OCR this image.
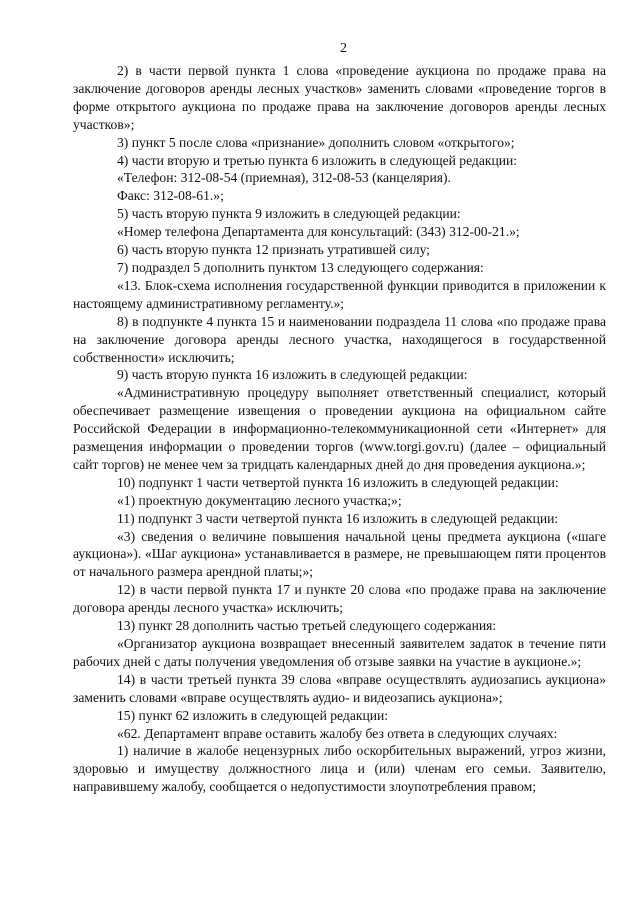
2

2) в части первой пункта 1 слова «проведение аукциона по продаже права на заключение договоров аренды лесных участков» заменить словами «проведение торгов в форме открытого аукциона по продаже права на заключение договоров аренды лесных участков»;

3) пункт 5 после слова «признание» дополнить словом «открытого»;

4) части вторую и третью пункта 6 изложить в следующей редакции:

«Телефон: 312-08-54 (приемная), 312-08-53 (канцелярия).

Факс: 312-08-61.»;

5) часть вторую пункта 9 изложить в следующей редакции:

«Номер телефона Департамента для консультаций: (343) 312-00-21.»;

6) часть вторую пункта 12 признать утратившей силу;

7) подраздел 5 дополнить пунктом 13 следующего содержания:

«13. Блок-схема исполнения государственной функции приводится в приложении к настоящему административному регламенту.»;

8) в подпункте 4 пункта 15 и наименовании подраздела 11 слова «по продаже права на заключение договора аренды лесного участка, находящегося в государственной собственности» исключить;

9) часть вторую пункта 16 изложить в следующей редакции:

«Административную процедуру выполняет ответственный специалист, который обеспечивает размещение извещения о проведении аукциона на официальном сайте Российской Федерации в информационно-телекоммуникационной сети «Интернет» для размещения информации о проведении торгов (www.torgi.gov.ru) (далее – официальный сайт торгов) не менее чем за тридцать календарных дней до дня проведения аукциона.»;

10) подпункт 1 части четвертой пункта 16 изложить в следующей редакции:

«1) проектную документацию лесного участка;»;

11) подпункт 3 части четвертой пункта 16 изложить в следующей редакции:

«3) сведения о величине повышения начальной цены предмета аукциона («шаге аукциона»). «Шаг аукциона» устанавливается в размере, не превышающем пяти процентов от начального размера арендной платы;»;

12) в части первой пункта 17 и пункте 20 слова «по продаже права на заключение договора аренды лесного участка» исключить;

13) пункт 28 дополнить частью третьей следующего содержания:

«Организатор аукциона возвращает внесенный заявителем задаток в течение пяти рабочих дней с даты получения уведомления об отзыве заявки на участие в аукционе.»;

14) в части третьей пункта 39 слова «вправе осуществлять аудиозапись аукциона» заменить словами «вправе осуществлять аудио- и видеозапись аукциона»;

15) пункт 62 изложить в следующей редакции:

«62. Департамент вправе оставить жалобу без ответа в следующих случаях:

1) наличие в жалобе нецензурных либо оскорбительных выражений, угроз жизни, здоровью и имуществу должностного лица и (или) членам его семьи. Заявителю, направившему жалобу, сообщается о недопустимости злоупотребления правом;
